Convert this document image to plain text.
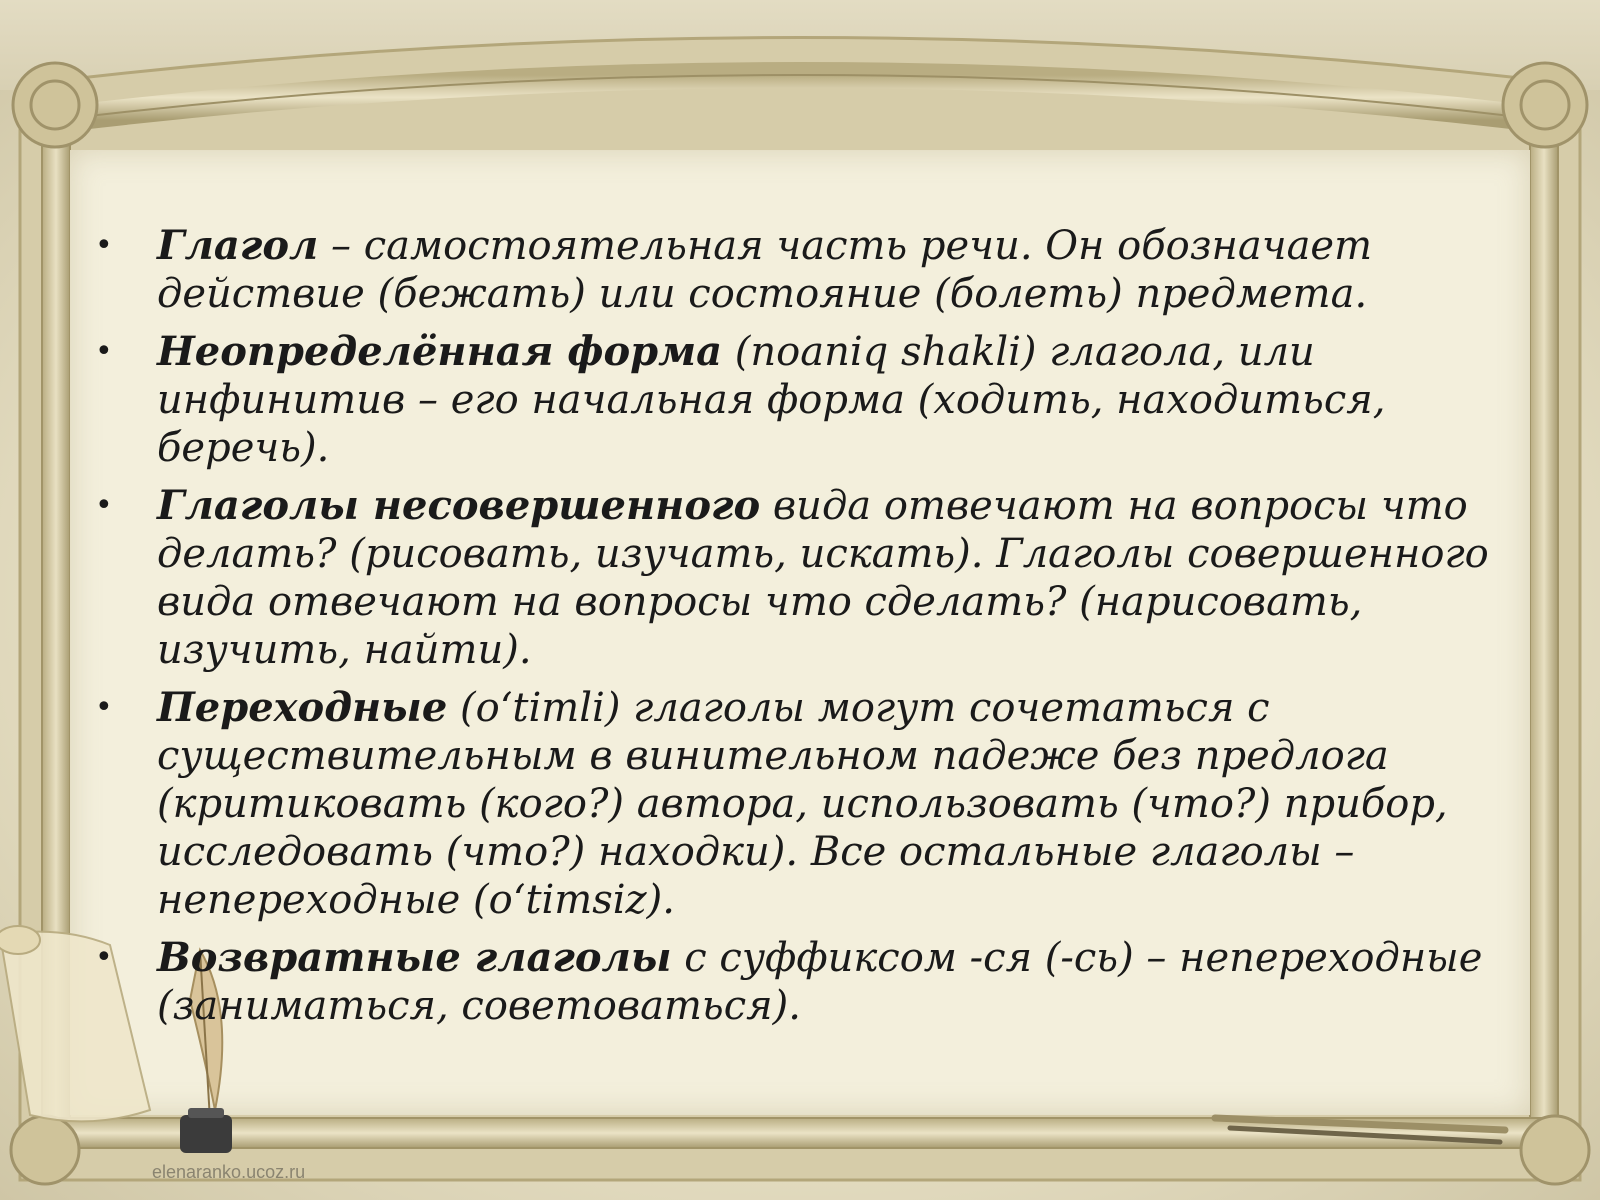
• Глагол – самостоятельная часть речи. Он обозначает действие (бежать) или состояние (болеть) предмета.
• Неопределённая форма (noaniq shakli) глагола, или инфинитив – его начальная форма (ходить, находиться, беречь).
• Глаголы несовершенного вида отвечают на вопросы что делать? (рисовать, изучать, искать). Глаголы совершенного вида отвечают на вопросы что сделать? (нарисовать, изучить, найти).
• Переходные (o‘timli) глаголы могут сочетаться с существительным в винительном падеже без предлога (критиковать (кого?) автора, использовать (что?) прибор, исследовать (что?) находки). Все остальные глаголы – непереходные (o‘timsiz).
• Возвратные глаголы с суффиксом -ся (-сь) – непереходные (заниматься, советоваться).
elenaranko.ucoz.ru
